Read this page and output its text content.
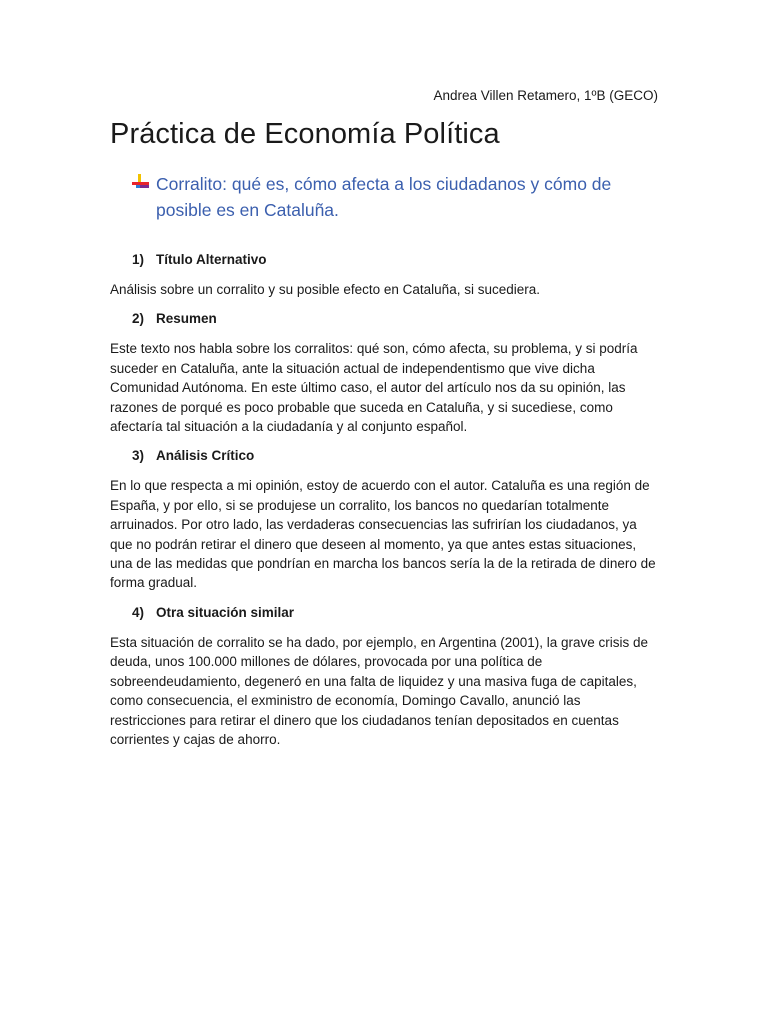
Andrea Villen Retamero, 1ºB (GECO)
Práctica de Economía Política

Corralito: qué es, cómo afecta a los ciudadanos y cómo de posible es en Cataluña.

1) Título Alternativo

Análisis sobre un corralito y su posible efecto en Cataluña, si sucediera.

2) Resumen

Este texto nos habla sobre los corralitos: qué son, cómo afecta, su problema, y si podría suceder en Cataluña, ante la situación actual de independentismo que vive dicha Comunidad Autónoma. En este último caso, el autor del artículo nos da su opinión, las razones de porqué es poco probable que suceda en Cataluña, y si sucediese, como afectaría tal situación a la ciudadanía y al conjunto español.

3) Análisis Crítico

En lo que respecta a mi opinión, estoy de acuerdo con el autor. Cataluña es una región de España, y por ello, si se produjese un corralito, los bancos no quedarían totalmente arruinados. Por otro lado, las verdaderas consecuencias las sufrirían los ciudadanos, ya que no podrán retirar el dinero que deseen al momento, ya que antes estas situaciones, una de las medidas que pondrían en marcha los bancos sería la de la retirada de dinero de forma gradual.

4) Otra situación similar

Esta situación de corralito se ha dado, por ejemplo, en Argentina (2001), la grave crisis de deuda, unos 100.000 millones de dólares, provocada por una política de sobreendeudamiento, degeneró en una falta de liquidez y una masiva fuga de capitales, como consecuencia, el exministro de economía, Domingo Cavallo, anunció las restricciones para retirar el dinero que los ciudadanos tenían depositados en cuentas corrientes y cajas de ahorro.
